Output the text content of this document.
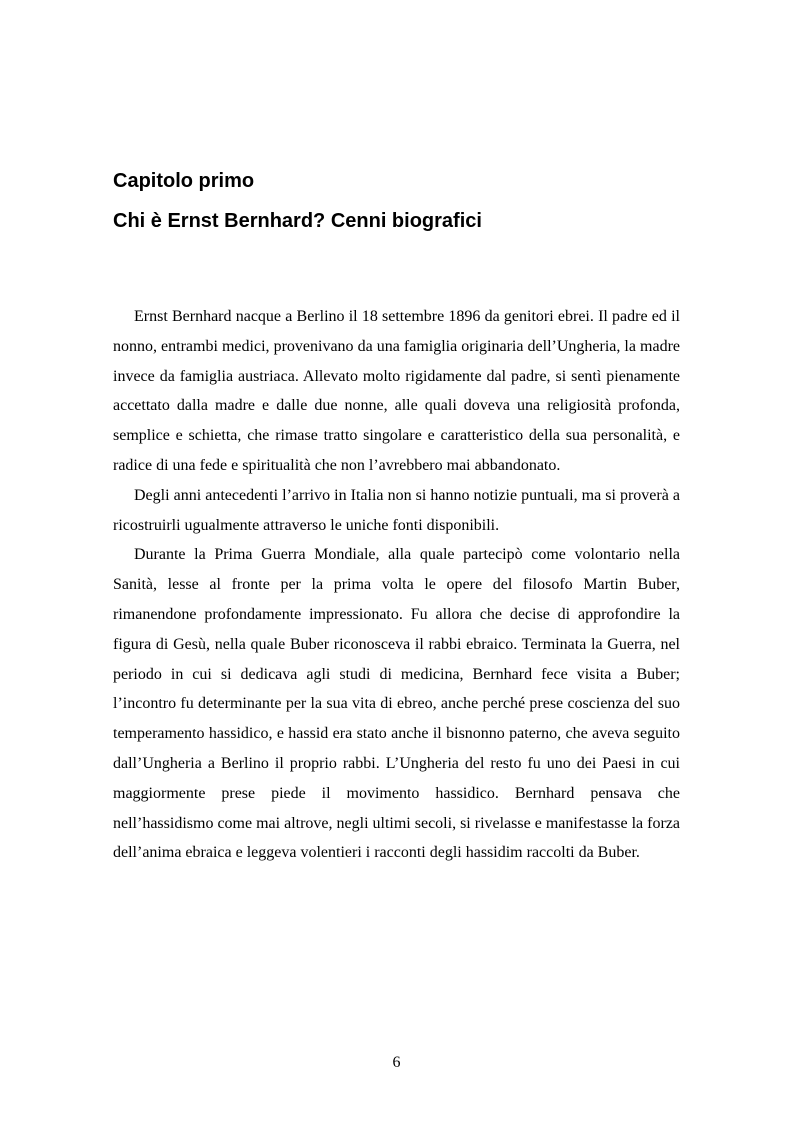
Capitolo primo
Chi è Ernst Bernhard? Cenni biografici

Ernst Bernhard nacque a Berlino il 18 settembre 1896 da genitori ebrei. Il padre ed il nonno, entrambi medici, provenivano da una famiglia originaria dell’Ungheria, la madre invece da famiglia austriaca. Allevato molto rigidamente dal padre, si sentì pienamente accettato dalla madre e dalle due nonne, alle quali doveva una religiosità profonda, semplice e schietta, che rimase tratto singolare e caratteristico della sua personalità, e radice di una fede e spiritualità che non l’avrebbero mai abbandonato.

Degli anni antecedenti l’arrivo in Italia non si hanno notizie puntuali, ma si proverà a ricostruirli ugualmente attraverso le uniche fonti disponibili.

Durante la Prima Guerra Mondiale, alla quale partecipò come volontario nella Sanità, lesse al fronte per la prima volta le opere del filosofo Martin Buber, rimanendone profondamente impressionato. Fu allora che decise di approfondire la figura di Gesù, nella quale Buber riconosceva il rabbi ebraico. Terminata la Guerra, nel periodo in cui si dedicava agli studi di medicina, Bernhard fece visita a Buber; l’incontro fu determinante per la sua vita di ebreo, anche perché prese coscienza del suo temperamento hassidico, e hassid era stato anche il bisnonno paterno, che aveva seguito dall’Ungheria a Berlino il proprio rabbi. L’Ungheria del resto fu uno dei Paesi in cui maggiormente prese piede il movimento hassidico. Bernhard pensava che nell’hassidismo come mai altrove, negli ultimi secoli, si rivelasse e manifestasse la forza dell’anima ebraica e leggeva volentieri i racconti degli hassidim raccolti da Buber.

6
